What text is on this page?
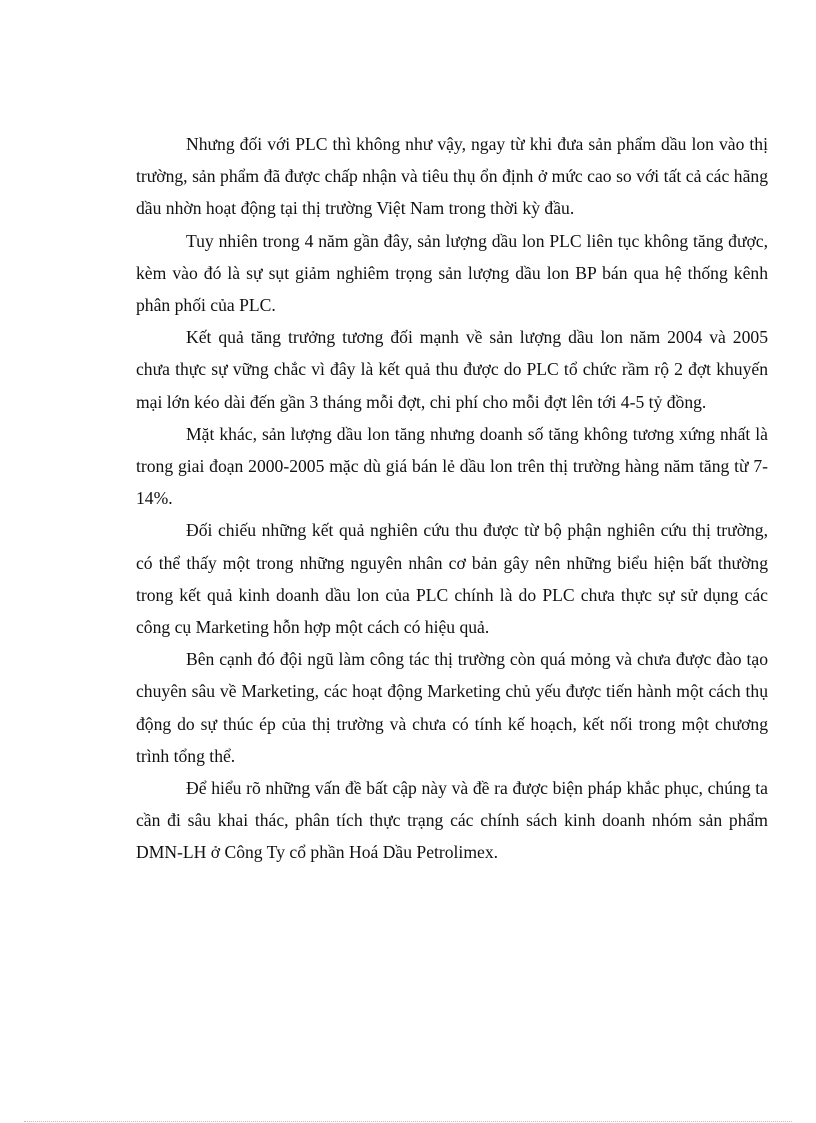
Nhưng đối với PLC thì không như vậy, ngay từ khi đưa sản phẩm dầu lon vào thị trường, sản phẩm đã được chấp nhận và tiêu thụ ổn định ở mức cao so với tất cả các hãng dầu nhờn hoạt động tại thị trường Việt Nam trong thời kỳ đầu.

Tuy nhiên trong 4 năm gần đây, sản lượng dầu lon PLC liên tục không tăng được, kèm vào đó là sự sụt giảm nghiêm trọng sản lượng dầu lon BP bán qua hệ thống kênh phân phối của PLC.

Kết quả tăng trưởng tương đối mạnh về sản lượng dầu lon năm 2004 và 2005 chưa thực sự vững chắc vì đây là kết quả thu được do PLC tổ chức rầm rộ 2 đợt khuyến mại lớn kéo dài đến gần 3 tháng mỗi đợt, chi phí cho mỗi đợt lên tới 4-5 tỷ đồng.

Mặt khác, sản lượng dầu lon tăng nhưng doanh số tăng không tương xứng nhất là trong giai đoạn 2000-2005 mặc dù giá bán lẻ dầu lon trên thị trường hàng năm tăng từ 7-14%.

Đối chiếu những kết quả nghiên cứu thu được từ bộ phận nghiên cứu thị trường, có thể thấy một trong những nguyên nhân cơ bản gây nên những biểu hiện bất thường trong kết quả kinh doanh dầu lon của PLC chính là do PLC chưa thực sự sử dụng các công cụ Marketing hỗn hợp một cách có hiệu quả.

Bên cạnh đó đội ngũ làm công tác thị trường còn quá mỏng và chưa được đào tạo chuyên sâu về Marketing, các hoạt động Marketing chủ yếu được tiến hành một cách thụ động do sự thúc ép của thị trường và chưa có tính kế hoạch, kết nối trong một chương trình tổng thể.

Để hiểu rõ những vấn đề bất cập này và đề ra được biện pháp khắc phục, chúng ta cần đi sâu khai thác, phân tích thực trạng các chính sách kinh doanh nhóm sản phẩm DMN-LH ở Công Ty cổ phần Hoá Dầu Petrolimex.
